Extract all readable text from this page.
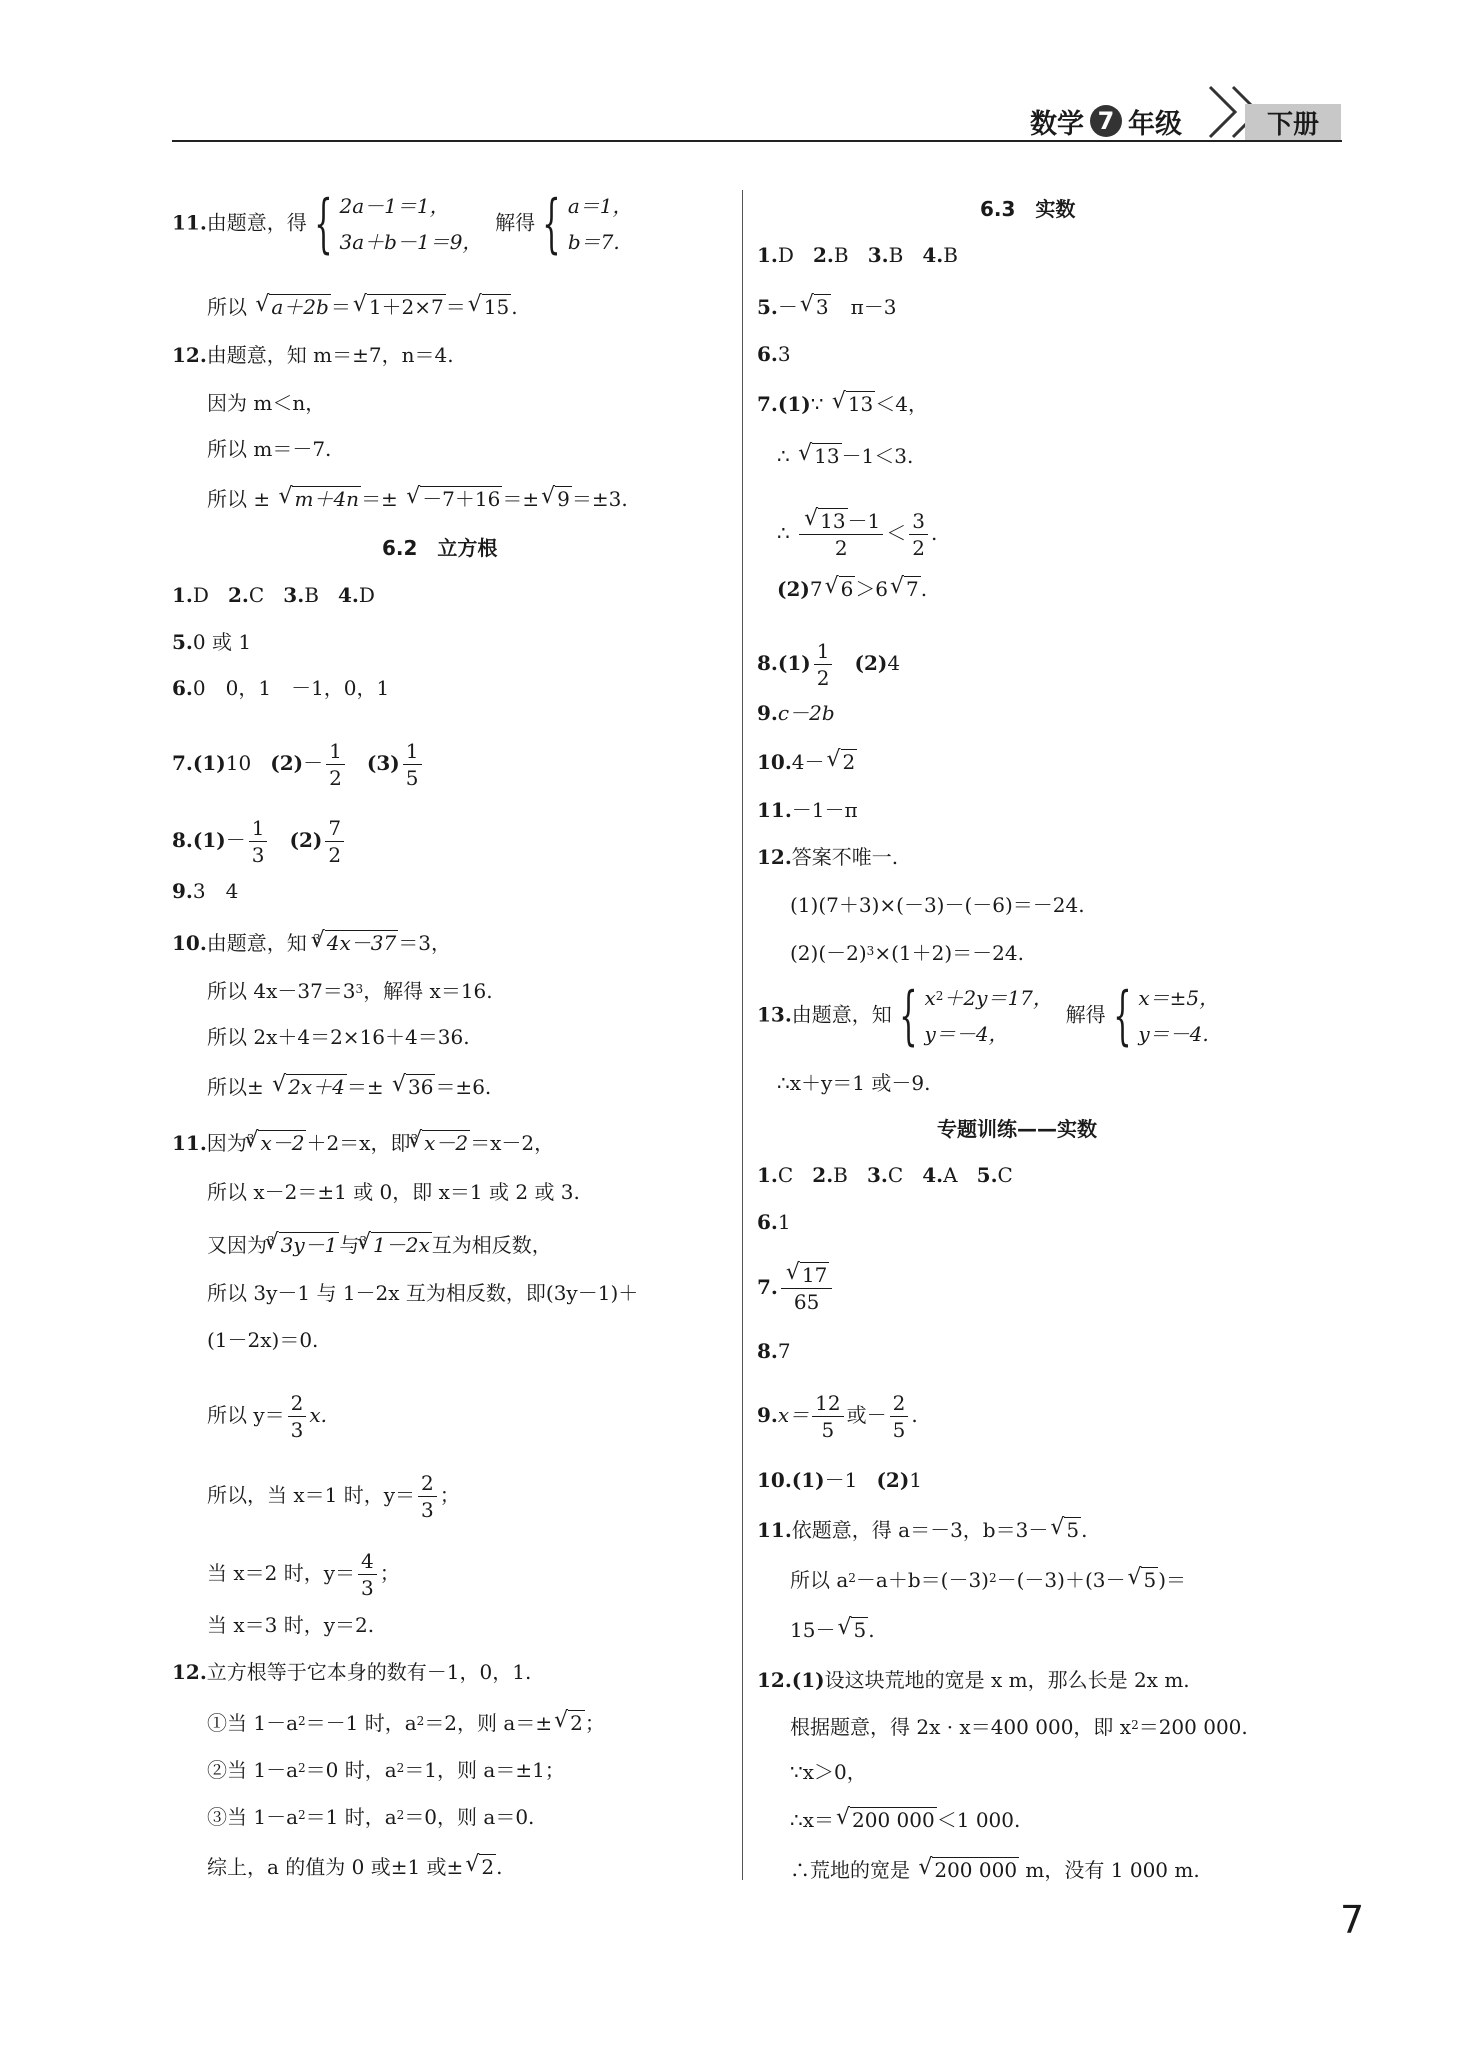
数学 7 年级	下册
11.由题意，得 { 2a－1＝1，
3a＋b－1＝9，  解得 { a＝1，
b＝7.
所以 √ a＋2b ＝√ 1＋2×7 ＝√ 15 .
12.由题意，知 m＝±7，n＝4.
因为 m＜n，
所以 m＝－7.
所以 ± √ m＋4n ＝± √ －7＋16 ＝±√ 9 ＝±3.
6.2　立方根
1.D 2.C 3.B 4.D
5.0 或 1
6.0　0，1　－1，0，1
7.(1)10 $(2)- \frac{1}{2} (3) \frac{1}{5}$
$8.(1)- \frac{1}{3} (2) \frac{7}{2}$
9.3　4
10.由题意，知 $^3$√ 4x－37 ＝3，
所以 $4x-37=3^3$，解得 x＝16.
所以 2x＋4＝2×16＋4＝36.
所以± √ 2x＋4 ＝± √ 36 ＝±6.
11.因为$^3$√ x－2 ＋2＝x，即$^3$√ x－2 ＝x－2，
所以 x－2＝±1 或 0，即 x＝1 或 2 或 3.
又因为$^3$√ 3y－1 与$^3$√ 1－2x 互为相反数，
所以 3y－1 与 1－2x 互为相反数，即(3y－1)＋
(1－2x)＝0.
所以 $y= \frac{2}{3} x$.
所以，当 x＝1 时，$y= \frac{2}{3}$ ；
当 x＝2 时，$y= \frac{4}{3}$ ；
当 x＝3 时，y＝2.
12.立方根等于它本身的数有－1，0，1.
①当 $1-a^2=-1$ 时，$a^2=2$，则 a＝±√ 2 ；
②当 $1-a^2=0$ 时，$a^2=1$，则 a＝±1；
③当 $1-a^2=1$ 时，$a^2=0$，则 a＝0.
综上，a 的值为 0 或±1 或±√ 2 .
6.3　实数
1.D 2.B 3.B 4.B
5.－√ 3　π－3
6.3
7.(1)∵ √ 13 ＜4，
∴ √ 13 －1＜3.
∴
√ $\frac{13 -1}{2} < \frac{3}{2}$ .
(2)7√ 6 ＞6√ 7 .
$8.(1) \frac{1}{2} (2)4$
9.c－2b
10.4－√ 2
11.－1－π
12.答案不唯一.
(1)(7＋3)×(－3)－(－6)＝－24.
$(2)(-2)^3\times(1+2)=-24$.
13.由题意，知 { $x^2+2y=17$，
y＝－4，  解得 { x＝±5，
y＝－4.
∴x＋y＝1 或－9.
专题训练——实数
1.C 2.B 3.C 4.A 5.C
6.1
7.
√ $\frac{17}{65}$
8.7
$9.x= \frac{12}{5}$ 或－ $\frac{2}{5}$ .
10.(1)－1 (2)1
11.依题意，得 a＝－3，b＝3－√ 5 .
所以 $a^2-a+b=(-3)^2-(-3)+(3-√$ 5 )＝
15－√ 5 .
12.(1)设这块荒地的宽是 x m，那么长是 2x m.
根据题意，得 2x · x＝400 000，即 $x^2=200$ 000.
∵x＞0，
∴x＝√ 200 000 ＜1 000.
∴荒地的宽是 √ 200 000 m，没有 1 000 m.
7
